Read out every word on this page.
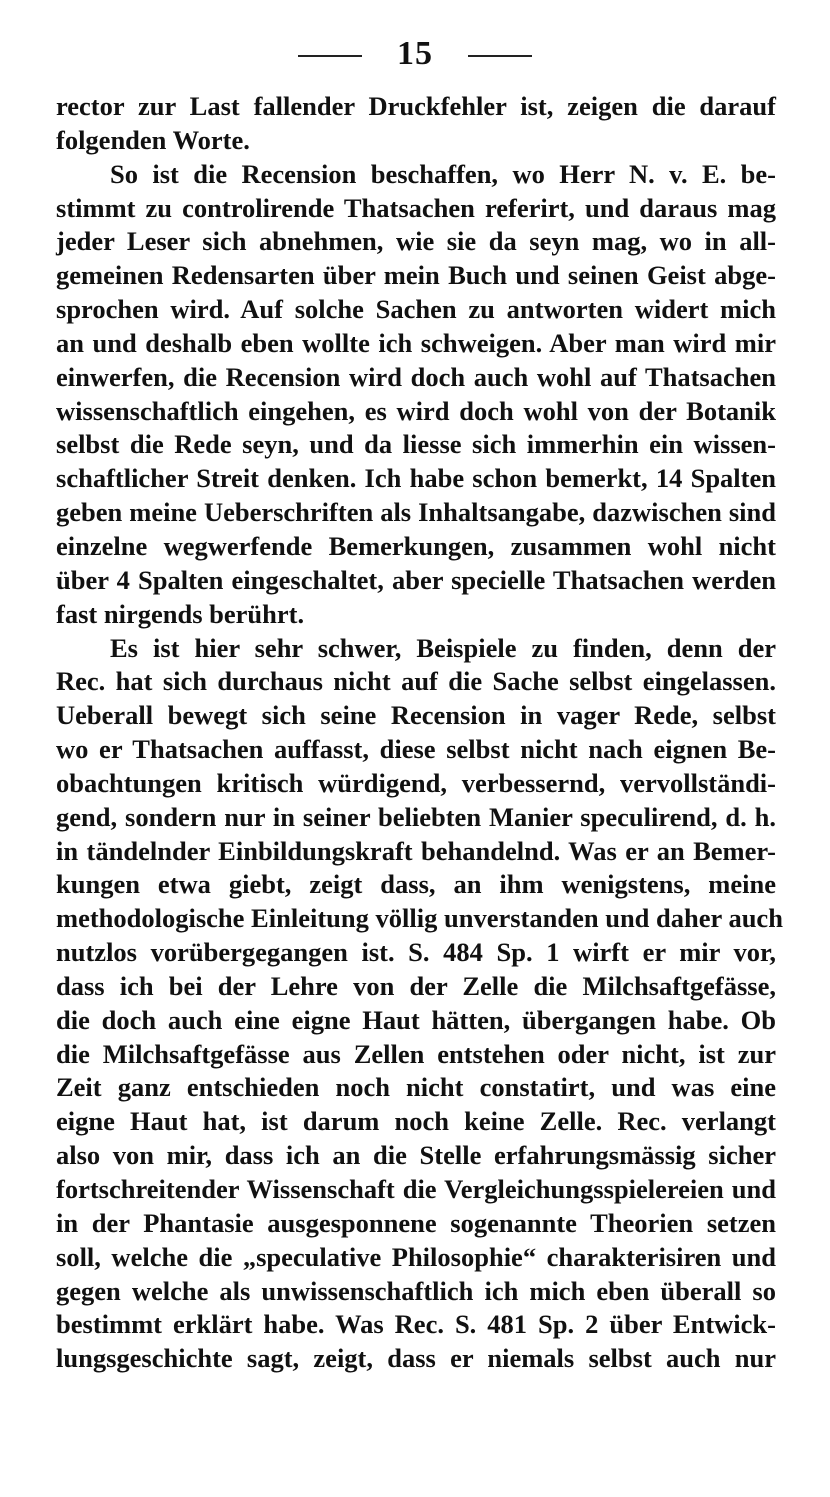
15
rector zur Last fallender Druckfehler ist, zeigen die darauf
folgenden Worte.
So ist die Recension beschaffen, wo Herr N. v. E. be-
stimmt zu controlirende Thatsachen referirt, und daraus mag
jeder Leser sich abnehmen, wie sie da seyn mag, wo in all-
gemeinen Redensarten über mein Buch und seinen Geist abge-
sprochen wird. Auf solche Sachen zu antworten widert mich
an und deshalb eben wollte ich schweigen. Aber man wird mir
einwerfen, die Recension wird doch auch wohl auf Thatsachen
wissenschaftlich eingehen, es wird doch wohl von der Botanik
selbst die Rede seyn, und da liesse sich immerhin ein wissen-
schaftlicher Streit denken. Ich habe schon bemerkt, 14 Spalten
geben meine Ueberschriften als Inhaltsangabe, dazwischen sind
einzelne wegwerfende Bemerkungen, zusammen wohl nicht
über 4 Spalten eingeschaltet, aber specielle Thatsachen werden
fast nirgends berührt.
Es ist hier sehr schwer, Beispiele zu finden, denn der
Rec. hat sich durchaus nicht auf die Sache selbst eingelassen.
Ueberall bewegt sich seine Recension in vager Rede, selbst
wo er Thatsachen auffasst, diese selbst nicht nach eignen Be-
obachtungen kritisch würdigend, verbessernd, vervollständi-
gend, sondern nur in seiner beliebten Manier speculirend, d. h.
in tändelnder Einbildungskraft behandelnd. Was er an Bemer-
kungen etwa giebt, zeigt dass, an ihm wenigstens, meine
methodologische Einleitung völlig unverstanden und daher auch
nutzlos vorübergegangen ist. S. 484 Sp. 1 wirft er mir vor,
dass ich bei der Lehre von der Zelle die Milchsaftgefässe,
die doch auch eine eigne Haut hätten, übergangen habe. Ob
die Milchsaftgefässe aus Zellen entstehen oder nicht, ist zur
Zeit ganz entschieden noch nicht constatirt, und was eine
eigne Haut hat, ist darum noch keine Zelle. Rec. verlangt
also von mir, dass ich an die Stelle erfahrungsmässig sicher
fortschreitender Wissenschaft die Vergleichungsspielereien und
in der Phantasie ausgesponnene sogenannte Theorien setzen
soll, welche die „speculative Philosophie“ charakterisiren und
gegen welche als unwissenschaftlich ich mich eben überall so
bestimmt erklärt habe. Was Rec. S. 481 Sp. 2 über Entwick-
lungsgeschichte sagt, zeigt, dass er niemals selbst auch nur
